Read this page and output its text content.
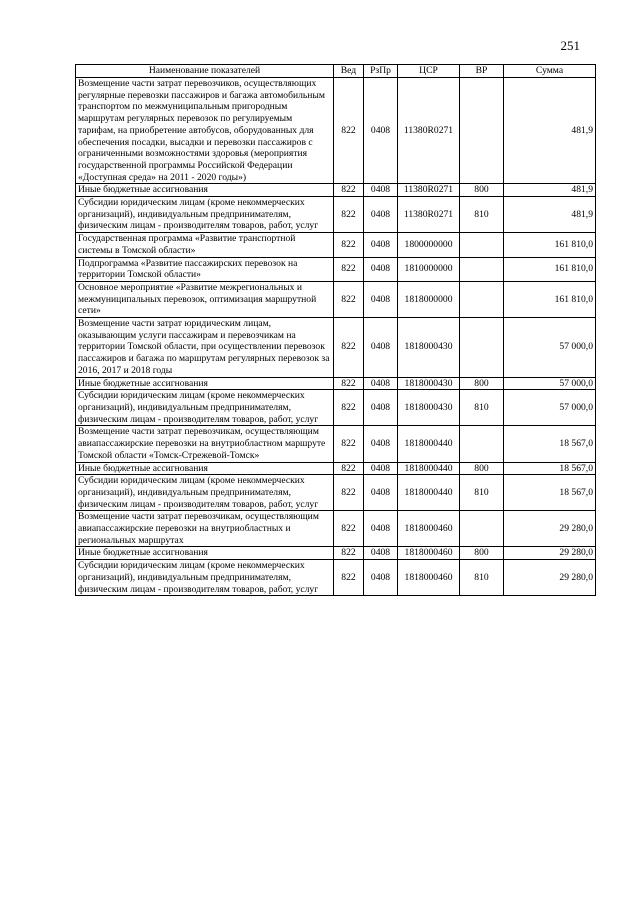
251
Наименование показателей	Вед	РзПр	ЦСР	ВР	Сумма
Возмещение части затрат перевозчиков, осуществляющих регулярные перевозки пассажиров и багажа автомобильным транспортом по межмуниципальным пригородным маршрутам регулярных перевозок по регулируемым тарифам, на приобретение автобусов, оборудованных для обеспечения посадки, высадки и перевозки пассажиров с ограниченными возможностями здоровья (мероприятия государственной программы Российской Федерации «Доступная среда» на 2011 - 2020 годы»)	822	0408	11380R0271		481,9
Иные бюджетные ассигнования	822	0408	11380R0271	800	481,9
Субсидии юридическим лицам (кроме некоммерческих организаций), индивидуальным предпринимателям, физическим лицам - производителям товаров, работ, услуг	822	0408	11380R0271	810	481,9
Государственная программа «Развитие транспортной системы в Томской области»	822	0408	1800000000		161 810,0
Подпрограмма «Развитие пассажирских перевозок на территории Томской области»	822	0408	1810000000		161 810,0
Основное мероприятие «Развитие межрегиональных и межмуниципальных перевозок, оптимизация маршрутной сети»	822	0408	1818000000		161 810,0
Возмещение части затрат юридическим лицам, оказывающим услуги пассажирам и перевозчикам на территории Томской области, при осуществлении перевозок пассажиров и багажа по маршрутам регулярных перевозок за 2016, 2017 и 2018 годы	822	0408	1818000430		57 000,0
Иные бюджетные ассигнования	822	0408	1818000430	800	57 000,0
Субсидии юридическим лицам (кроме некоммерческих организаций), индивидуальным предпринимателям, физическим лицам - производителям товаров, работ, услуг	822	0408	1818000430	810	57 000,0
Возмещение части затрат перевозчикам, осуществляющим авиапассажирские перевозки на внутриобластном маршруте Томской области «Томск-Стрежевой-Томск»	822	0408	1818000440		18 567,0
Иные бюджетные ассигнования	822	0408	1818000440	800	18 567,0
Субсидии юридическим лицам (кроме некоммерческих организаций), индивидуальным предпринимателям, физическим лицам - производителям товаров, работ, услуг	822	0408	1818000440	810	18 567,0
Возмещение части затрат перевозчикам, осуществляющим авиапассажирские перевозки на внутриобластных и региональных маршрутах	822	0408	1818000460		29 280,0
Иные бюджетные ассигнования	822	0408	1818000460	800	29 280,0
Субсидии юридическим лицам (кроме некоммерческих организаций), индивидуальным предпринимателям, физическим лицам - производителям товаров, работ, услуг	822	0408	1818000460	810	29 280,0
